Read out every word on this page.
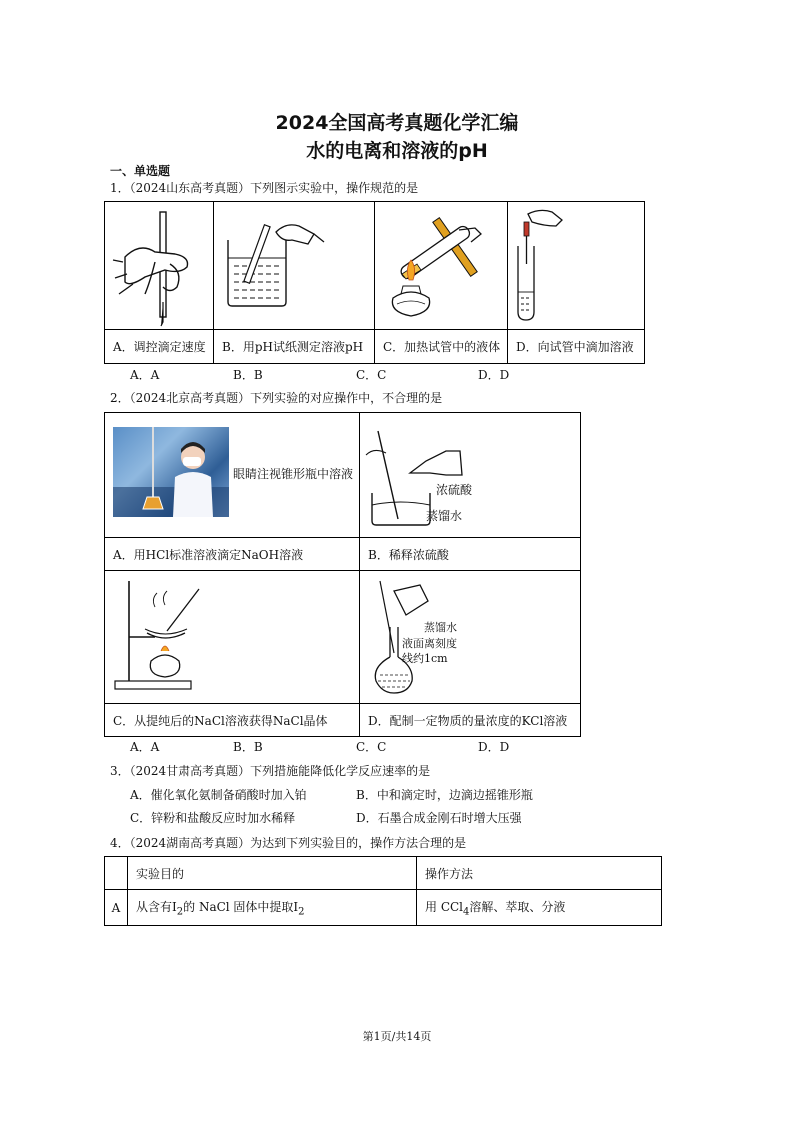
2024全国高考真题化学汇编
水的电离和溶液的pH
一、单选题
1．（2024山东高考真题）下列图示实验中，操作规范的是

A．调控滴定速度	B．用pH试纸测定溶液pH	C．加热试管中的液体	D．向试管中滴加溶液
A．A	B．B	C．C	D．D
2．（2024北京高考真题）下列实验的对应操作中，不合理的是
眼睛注视锥形瓶中溶液	浓硫酸
蒸馏水

A．用HCl标准溶液滴定NaOH溶液	B．稀释浓硫酸

蒸馏水
液面离刻度
线约1cm

C．从提纯后的NaCl溶液获得NaCl晶体	D．配制一定物质的量浓度的KCl溶液
A．A	B．B	C．C	D．D
3．（2024甘肃高考真题）下列措施能降低化学反应速率的是
A．催化氧化氨制备硝酸时加入铂	B．中和滴定时，边滴边摇锥形瓶
C．锌粉和盐酸反应时加水稀释	D．石墨合成金刚石时增大压强
4．（2024湖南高考真题）为达到下列实验目的，操作方法合理的是
	实验目的	操作方法
A	从含有$I_2$的 NaCl 固体中提取$I_2$	用 CCl$_4$溶解、萃取、分液
第1页/共14页
